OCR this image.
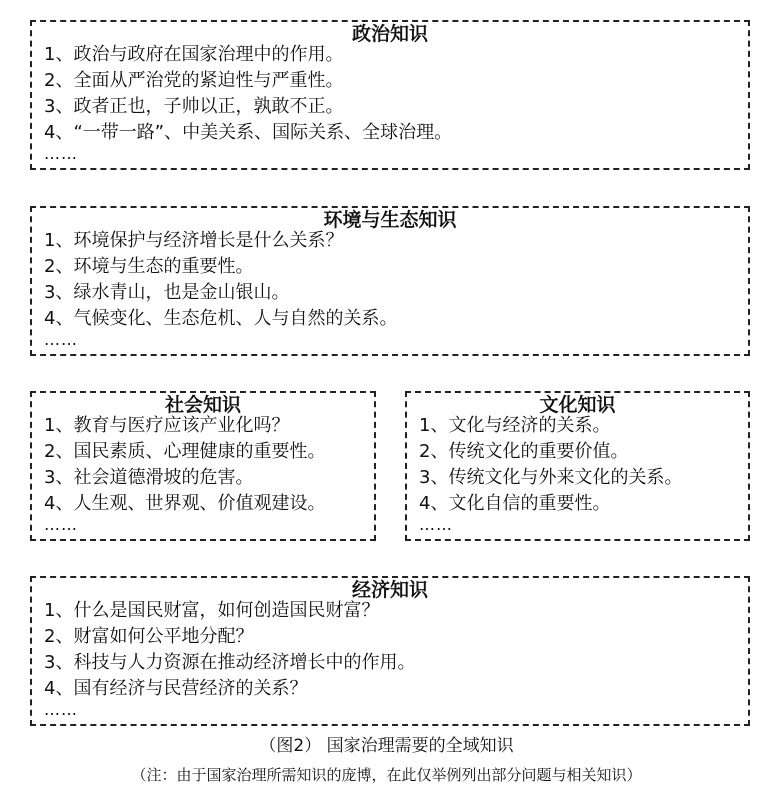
政治知识
1、政治与政府在国家治理中的作用。
2、全面从严治党的紧迫性与严重性。
3、政者正也，子帅以正，孰敢不正。
4、“一带一路”、中美关系、国际关系、全球治理。
……
环境与生态知识
1、环境保护与经济增长是什么关系？
2、环境与生态的重要性。
3、绿水青山，也是金山银山。
4、气候变化、生态危机、人与自然的关系。
……
社会知识
1、教育与医疗应该产业化吗？
2、国民素质、心理健康的重要性。
3、社会道德滑坡的危害。
4、人生观、世界观、价值观建设。
……
文化知识
1、文化与经济的关系。
2、传统文化的重要价值。
3、传统文化与外来文化的关系。
4、文化自信的重要性。
……
经济知识
1、什么是国民财富，如何创造国民财富？
2、财富如何公平地分配？
3、科技与人力资源在推动经济增长中的作用。
4、国有经济与民营经济的关系？
……
（图2） 国家治理需要的全域知识
（注：由于国家治理所需知识的庞博，在此仅举例列出部分问题与相关知识）
